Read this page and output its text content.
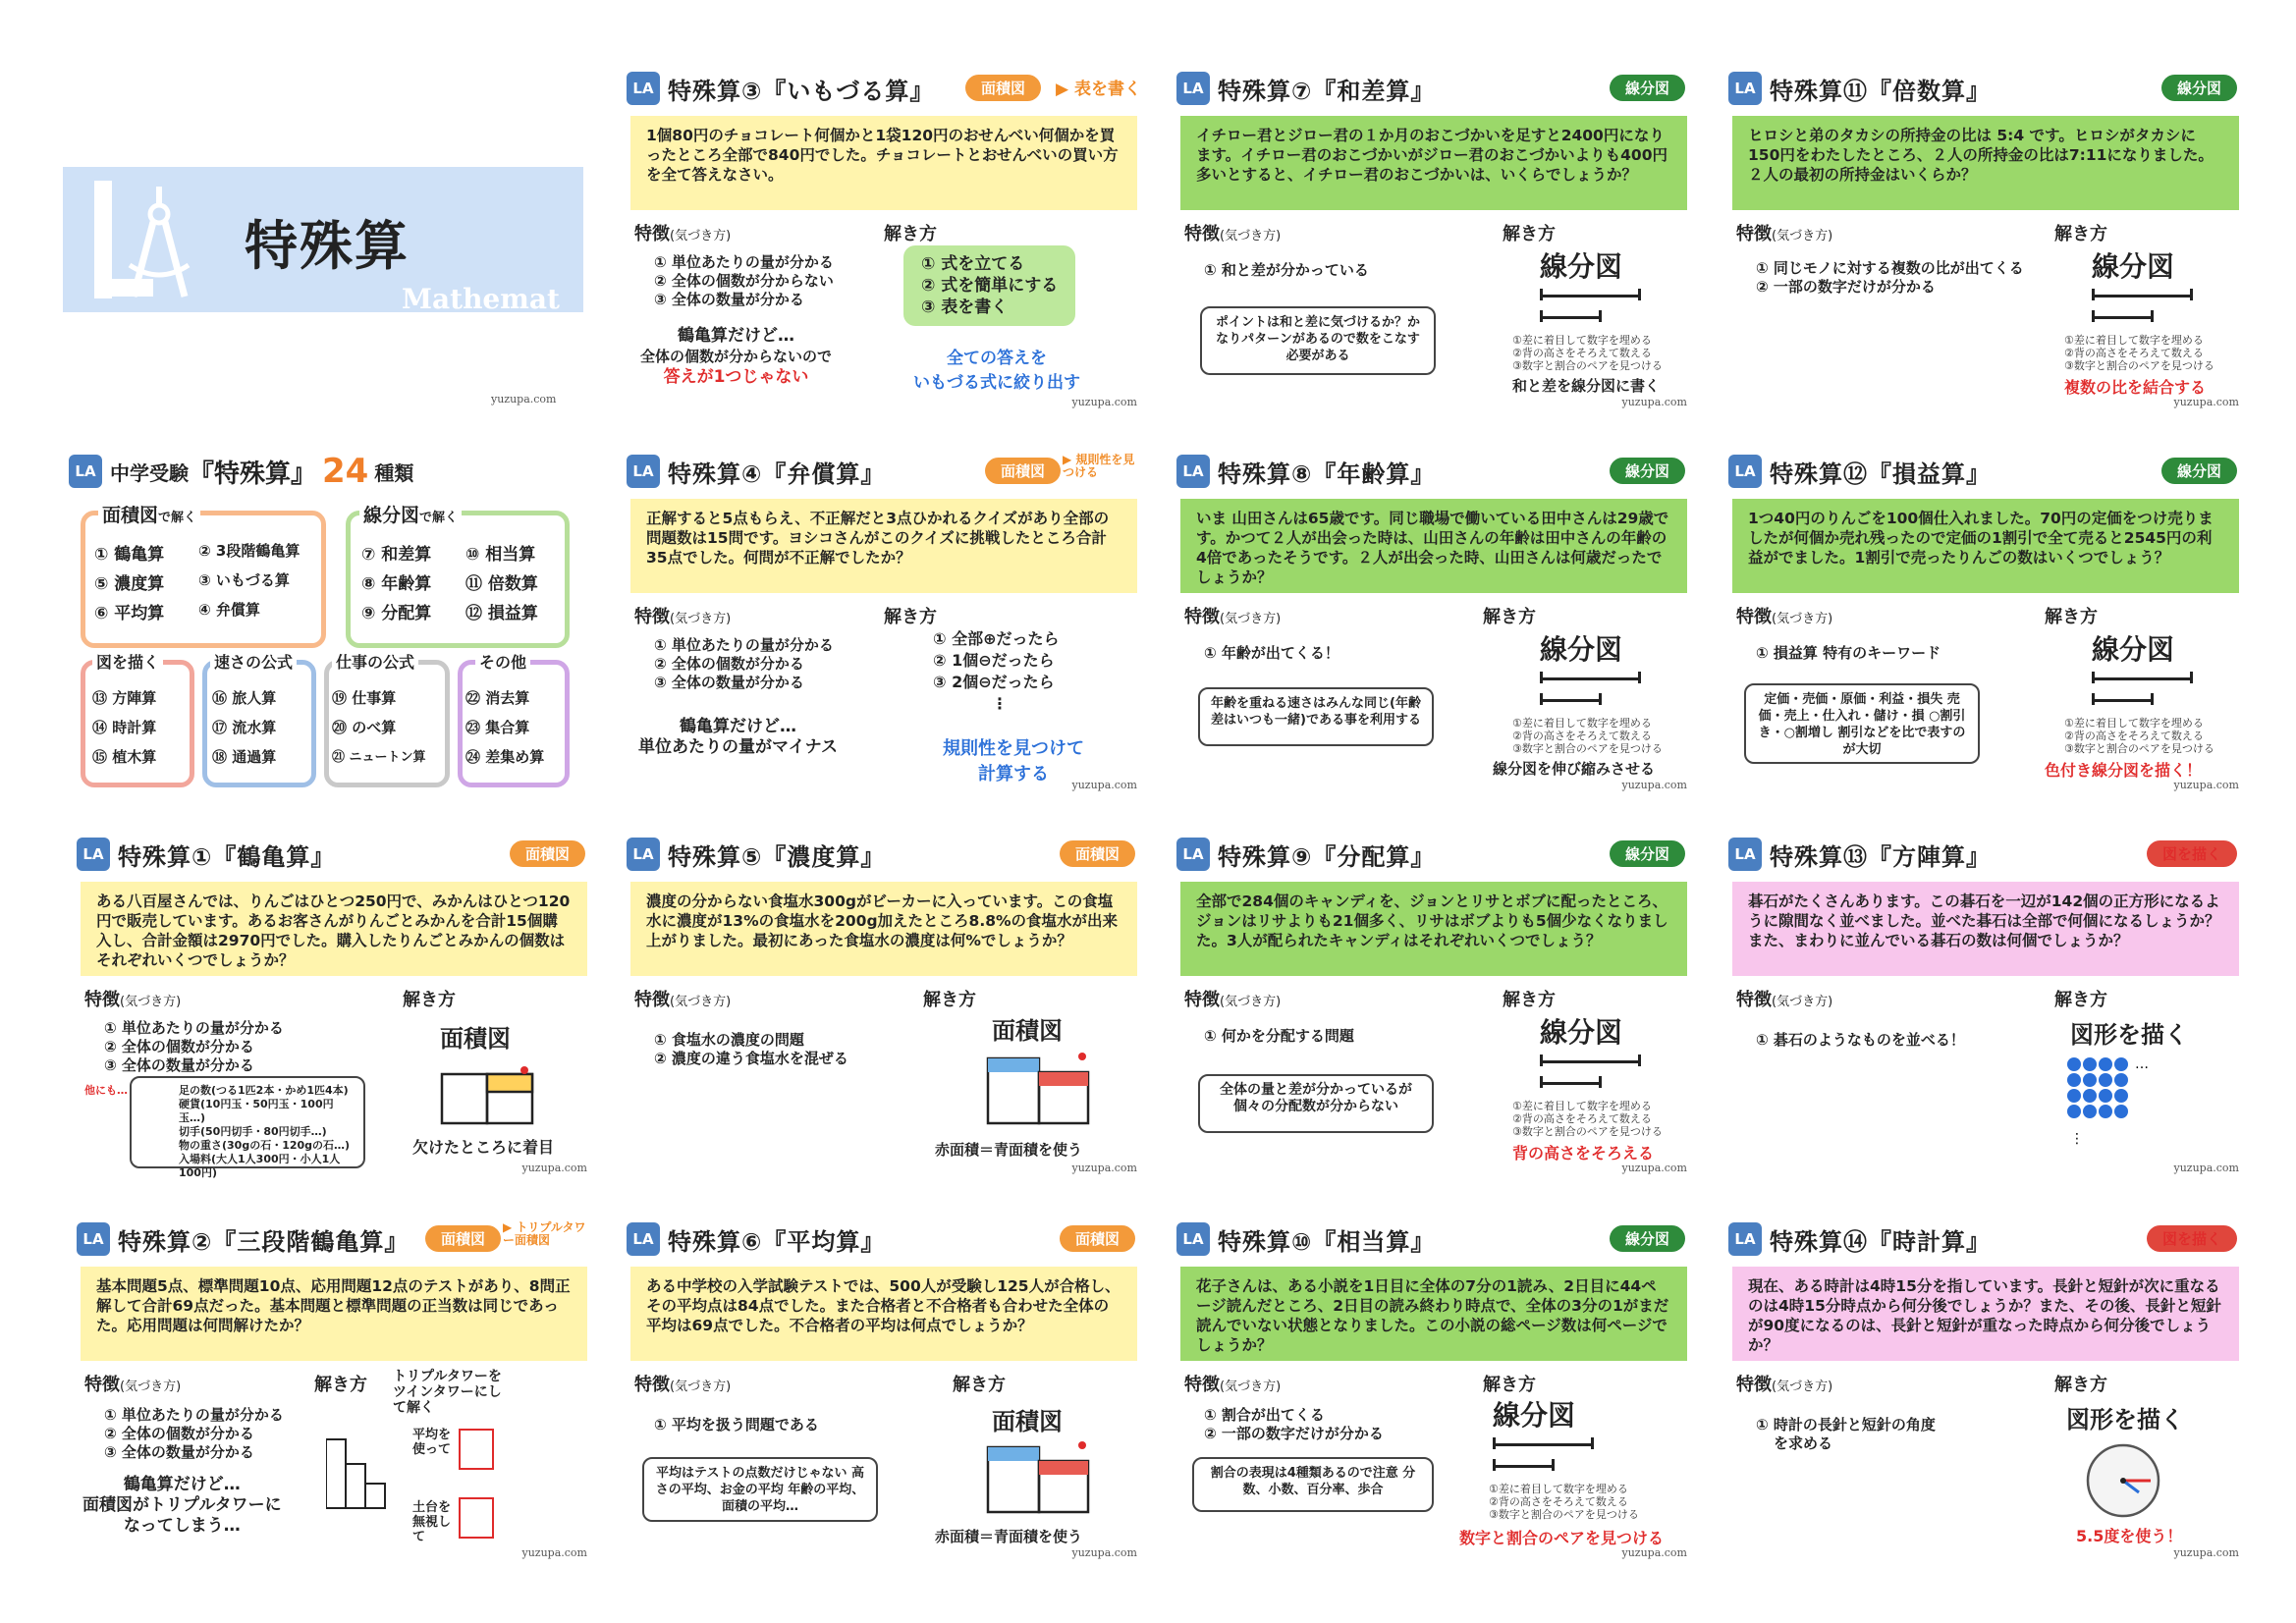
特殊算
Mathemat
yuzupa.com
LA 中学受験 『特殊算』 24 種類
面積図で解く
① 鶴亀算
⑤ 濃度算
⑥ 平均算
② 3段階鶴亀算
③ いもづる算
④ 弁償算
線分図で解く
⑦ 和差算
⑧ 年齢算
⑨ 分配算
⑩ 相当算
⑪ 倍数算
⑫ 損益算
図を描く
⑬ 方陣算
⑭ 時計算
⑮ 植木算
速さの公式
⑯ 旅人算
⑰ 流水算
⑱ 通過算
仕事の公式
⑲ 仕事算
⑳ のべ算
㉑ ニュートン算
その他
㉒ 消去算
㉓ 集合算
㉔ 差集め算
LA 特殊算③『いもづる算』	面積図	▶ 表を書く
1個80円のチョコレート何個かと1袋120円のおせんべい何個かを買ったところ全部で840円でした。チョコレートとおせんべいの買い方を全て答えなさい。
特徴(気づき方)	解き方
① 単位あたりの量が分かる
② 全体の個数が分からない
③ 全体の数量が分かる
① 式を立てる
② 式を簡単にする
③ 表を書く
鶴亀算だけど…
全体の個数が分からないので
答えが1つじゃない
全ての答えを
いもづる式に絞り出す
yuzupa.com
LA 特殊算⑦『和差算』	線分図
イチロー君とジロー君の１か月のおこづかいを足すと2400円になります。イチロー君のおこづかいがジロー君のおこづかいよりも400円多いとすると、イチロー君のおこづかいは、いくらでしょうか？
特徴(気づき方)	解き方
① 和と差が分かっている
ポイントは和と差に気づけるか？かなりパターンがあるので数をこなす必要がある
線分図
①差に着目して数字を埋める
②背の高さをそろえて数える
③数字と割合のペアを見つける
和と差を線分図に書く
yuzupa.com
LA 特殊算⑪『倍数算』	線分図
ヒロシと弟のタカシの所持金の比は 5:4 です。ヒロシがタカシに150円をわたしたところ、２人の所持金の比は7:11になりました。２人の最初の所持金はいくらか？
特徴(気づき方)	解き方
① 同じモノに対する複数の比が出てくる
② 一部の数字だけが分かる
線分図
①差に着目して数字を埋める
②背の高さをそろえて数える
③数字と割合のペアを見つける
複数の比を結合する
yuzupa.com
LA 特殊算④『弁償算』	面積図
▶ 規則性を見つける
正解すると5点もらえ、不正解だと3点ひかれるクイズがあり全部の問題数は15問です。ヨシコさんがこのクイズに挑戦したところ合計35点でした。何問が不正解でしたか？
特徴(気づき方)	解き方
① 単位あたりの量が分かる
② 全体の個数が分かる
③ 全体の数量が分かる
① 全部⊕だったら
② 1個⊖だったら
③ 2個⊖だったら
⋮
鶴亀算だけど…
単位あたりの量がマイナス	規則性を見つけて
計算する
yuzupa.com
LA 特殊算⑧『年齢算』	線分図
いま 山田さんは65歳です。同じ職場で働いている田中さんは29歳です。かつて２人が出会った時は、山田さんの年齢は田中さんの年齢の4倍であったそうです。２人が出会った時、山田さんは何歳だったでしょうか？
特徴(気づき方)	解き方
① 年齢が出てくる！
年齢を重ねる速さはみんな同じ(年齢差はいつも一緒)である事を利用する
線分図
①差に着目して数字を埋める
②背の高さをそろえて数える
③数字と割合のペアを見つける
線分図を伸び縮みさせる
yuzupa.com
LA 特殊算⑫『損益算』	線分図
1つ40円のりんごを100個仕入れました。70円の定価をつけ売りましたが何個か売れ残ったので定価の1割引で全て売ると2545円の利益がでました。1割引で売ったりんごの数はいくつでしょう？
特徴(気づき方)	解き方
① 損益算 特有のキーワード
定価・売価・原価・利益・損失 売価・売上・仕入れ・儲け・損 ○割引き・○割増し 割引などを比で表すのが大切
線分図
①差に着目して数字を埋める
②背の高さをそろえて数える
③数字と割合のペアを見つける
色付き線分図を描く！
yuzupa.com
LA 特殊算①『鶴亀算』	面積図
ある八百屋さんでは、りんごはひとつ250円で、みかんはひとつ120円で販売しています。あるお客さんがりんごとみかんを合計15個購入し、合計金額は2970円でした。購入したりんごとみかんの個数は それぞれいくつでしょうか？
特徴(気づき方)	解き方
① 単位あたりの量が分かる
② 全体の個数が分かる
③ 全体の数量が分かる
他にも…	足の数(つる1匹2本・かめ1匹4本)
硬貨(10円玉・50円玉・100円玉…)
切手(50円切手・80円切手…)
物の重さ(30gの石・120gの石…)
入場料(大人1人300円・小人1人100円)
面積図
欠けたところに着目
yuzupa.com
LA 特殊算⑤『濃度算』	面積図
濃度の分からない食塩水300gがビーカーに入っています。この食塩水に濃度が13%の食塩水を200g加えたところ8.8%の食塩水が出来上がりました。最初にあった食塩水の濃度は何%でしょうか？
特徴(気づき方)	解き方
① 食塩水の濃度の問題
② 濃度の違う食塩水を混ぜる
面積図
赤面積＝青面積を使う
yuzupa.com
LA 特殊算⑨『分配算』	線分図
全部で284個のキャンディを、ジョンとリサとボブに配ったところ、ジョンはリサよりも21個多く、リサはボブよりも5個少なくなりました。3人が配られたキャンディはそれぞれいくつでしょう？
特徴(気づき方)	解き方
① 何かを分配する問題
全体の量と差が分かっているが個々の分配数が分からない
線分図
①差に着目して数字を埋める
②背の高さをそろえて数える
③数字と割合のペアを見つける
背の高さをそろえる
yuzupa.com
LA 特殊算⑬『方陣算』	図を描く
碁石がたくさんあります。この碁石を一辺が142個の正方形になるように隙間なく並べました。並べた碁石は全部で何個になるしょうか？また、まわりに並んでいる碁石の数は何個でしょうか？
特徴(気づき方)	解き方
① 碁石のようなものを並べる！	図形を描く
…
⋮
yuzupa.com
LA 特殊算②『三段階鶴亀算』	面積図
▶ トリプルタワー面積図
基本問題5点、標準問題10点、応用問題12点のテストがあり、8問正解して合計69点だった。基本問題と標準問題の正当数は同じであった。応用問題は何問解けたか？
特徴(気づき方)	解き方 トリプルタワーを ツインタワーにして解く
① 単位あたりの量が分かる
② 全体の個数が分かる
③ 全体の数量が分かる
鶴亀算だけど…
面積図がトリプルタワーに
なってしまう…
平均を使って
土台を無視して
yuzupa.com
LA 特殊算⑥『平均算』	面積図
ある中学校の入学試験テストでは、500人が受験し125人が合格し、その平均点は84点でした。また合格者と不合格者も合わせた全体の平均は69点でした。不合格者の平均は何点でしょうか？
特徴(気づき方)	解き方
① 平均を扱う問題である
平均はテストの点数だけじゃない 高さの平均、お金の平均 年齢の平均、面積の平均…
面積図
赤面積＝青面積を使う
yuzupa.com
LA 特殊算⑩『相当算』	線分図
花子さんは、ある小説を1日目に全体の7分の1読み、2日目に44ページ読んだところ、2日目の読み終わり時点で、全体の3分の1がまだ読んでいない状態となりました。この小説の総ページ数は何ページでしょうか？
特徴(気づき方)	解き方
① 割合が出てくる
② 一部の数字だけが分かる
割合の表現は4種類あるので注意 分数、小数、百分率、歩合
線分図
①差に着目して数字を埋める
②背の高さをそろえて数える
③数字と割合のペアを見つける
数字と割合のペアを見つける
yuzupa.com
LA 特殊算⑭『時計算』	図を描く
現在、ある時計は4時15分を指しています。長針と短針が次に重なるのは4時15分時点から何分後でしょうか？また、その後、長針と短針が90度になるのは、長針と短針が重なった時点から何分後でしょうか？
特徴(気づき方)	解き方
① 時計の長針と短針の角度
を求める
図形を描く
5.5度を使う！
yuzupa.com
